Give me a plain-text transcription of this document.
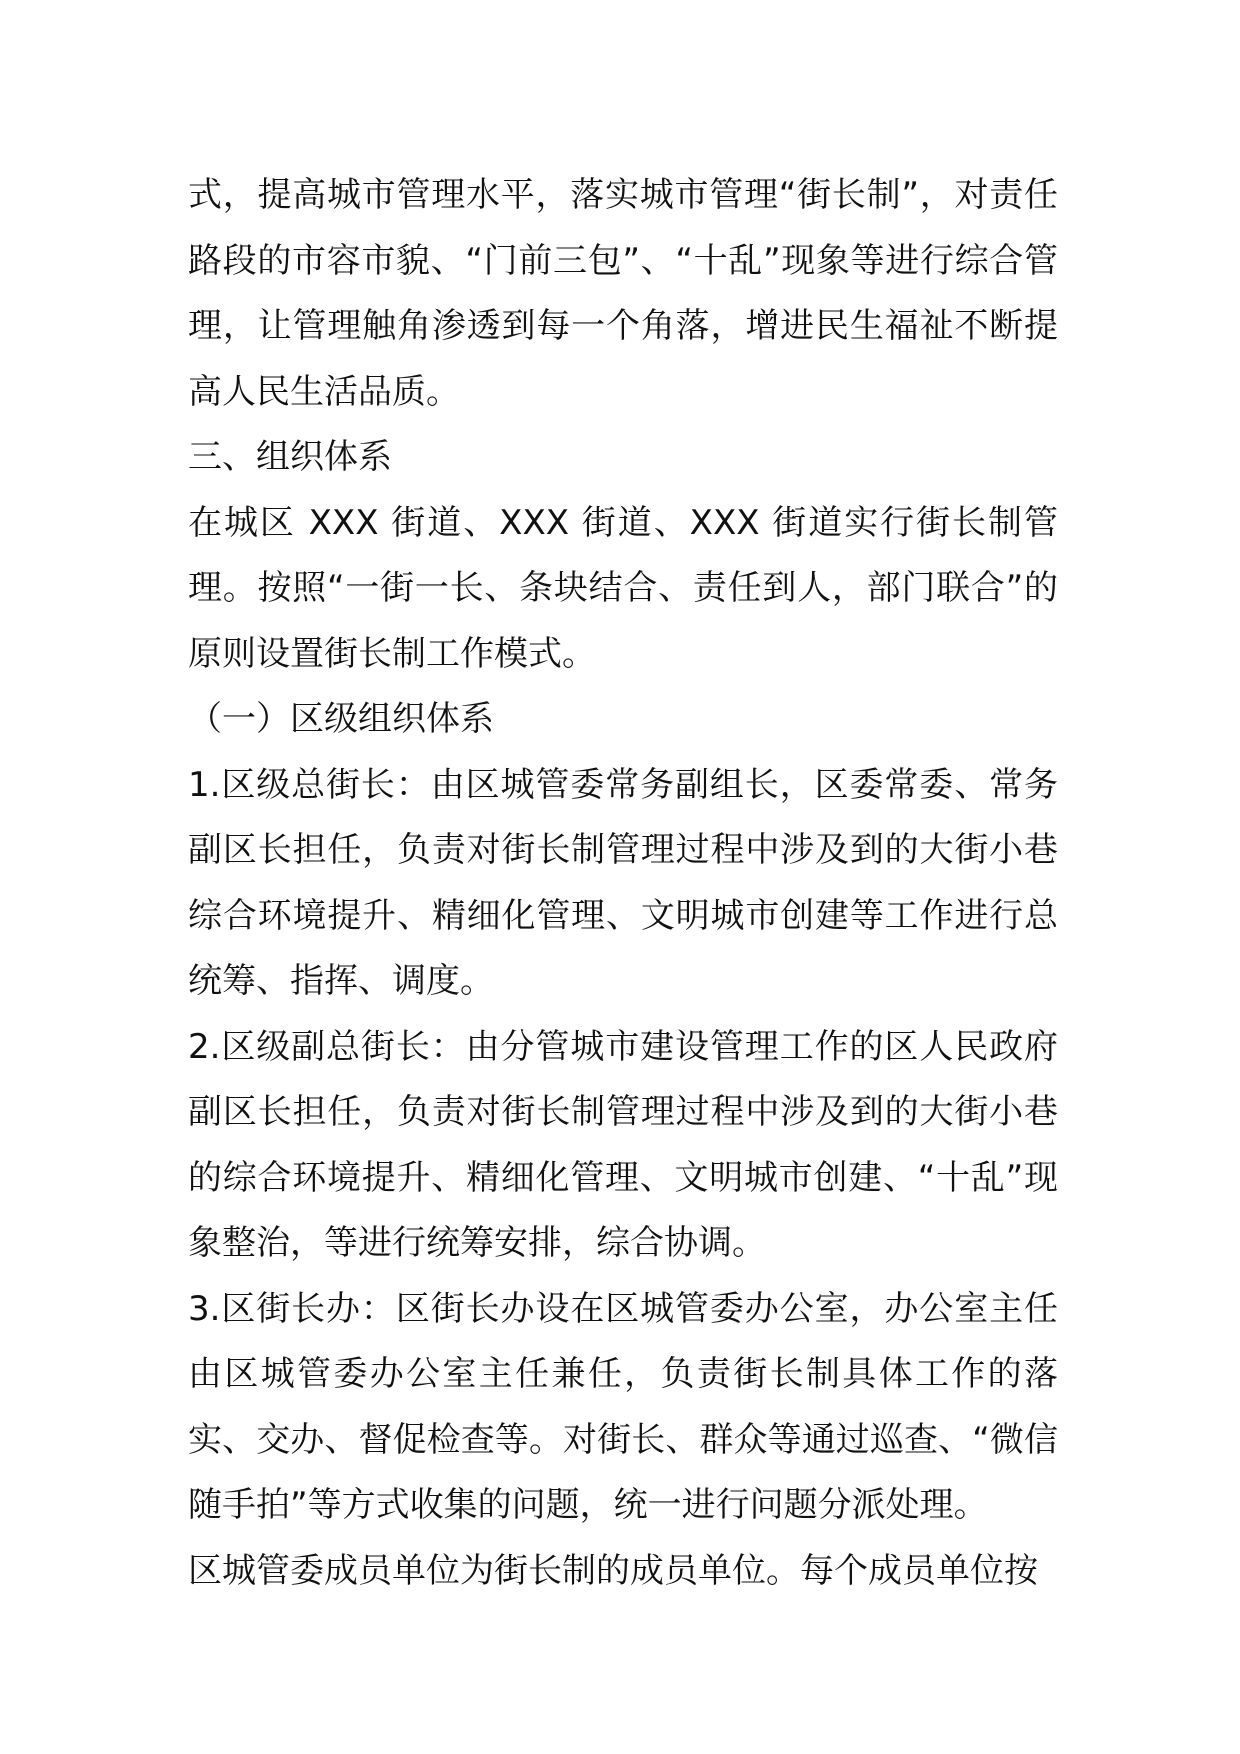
式，提高城市管理水平，落实城市管理“街长制”，对责任路段的市容市貌、“门前三包”、“十乱”现象等进行综合管理，让管理触角渗透到每一个角落，增进民生福祉不断提高人民生活品质。

三、组织体系

在城区 XXX 街道、XXX 街道、XXX 街道实行街长制管理。按照“一街一长、条块结合、责任到人，部门联合”的原则设置街长制工作模式。

（一）区级组织体系

1.区级总街长：由区城管委常务副组长，区委常委、常务副区长担任，负责对街长制管理过程中涉及到的大街小巷综合环境提升、精细化管理、文明城市创建等工作进行总统筹、指挥、调度。

2.区级副总街长：由分管城市建设管理工作的区人民政府副区长担任，负责对街长制管理过程中涉及到的大街小巷的综合环境提升、精细化管理、文明城市创建、“十乱”现象整治，等进行统筹安排，综合协调。

3.区街长办：区街长办设在区城管委办公室，办公室主任由区城管委办公室主任兼任，负责街长制具体工作的落实、交办、督促检查等。对街长、群众等通过巡查、“微信随手拍”等方式收集的问题，统一进行问题分派处理。

区城管委成员单位为街长制的成员单位。每个成员单位按
